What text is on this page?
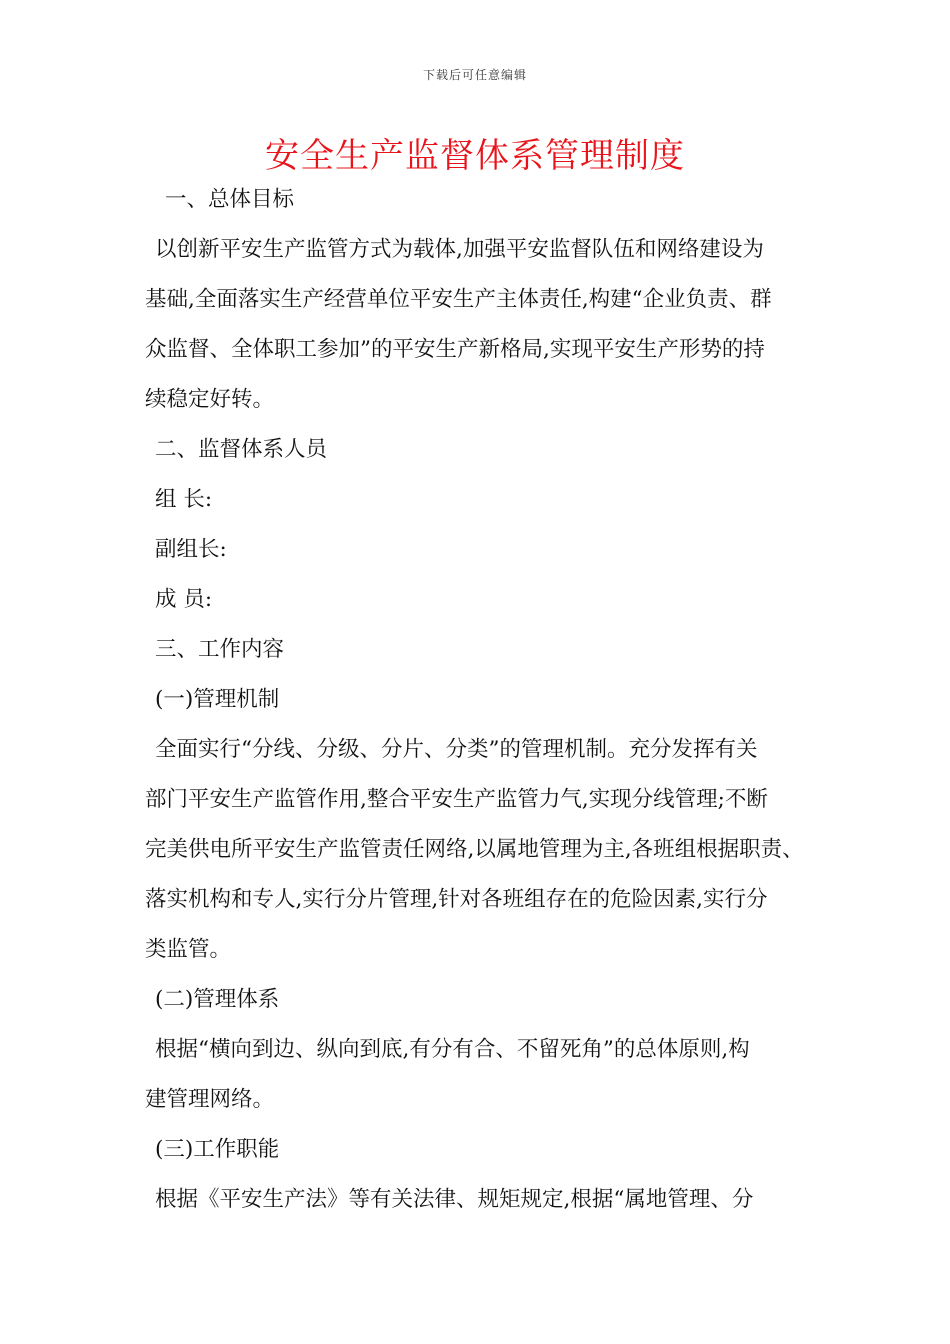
下载后可任意编辑
安全生产监督体系管理制度

一、总体目标

以创新平安生产监管方式为载体,加强平安监督队伍和网络建设为

基础,全面落实生产经营单位平安生产主体责任,构建“企业负责、群

众监督、全体职工参加”的平安生产新格局,实现平安生产形势的持

续稳定好转。

二、监督体系人员

组 长:

副组长:

成 员:

三、工作内容

(一)管理机制

全面实行“分线、分级、分片、分类”的管理机制。充分发挥有关

部门平安生产监管作用,整合平安生产监管力气,实现分线管理;不断

完美供电所平安生产监管责任网络,以属地管理为主,各班组根据职责、

落实机构和专人,实行分片管理,针对各班组存在的危险因素,实行分

类监管。

(二)管理体系

根据“横向到边、纵向到底,有分有合、不留死角”的总体原则,构

建管理网络。

(三)工作职能

根据《平安生产法》等有关法律、规矩规定,根据“属地管理、分
